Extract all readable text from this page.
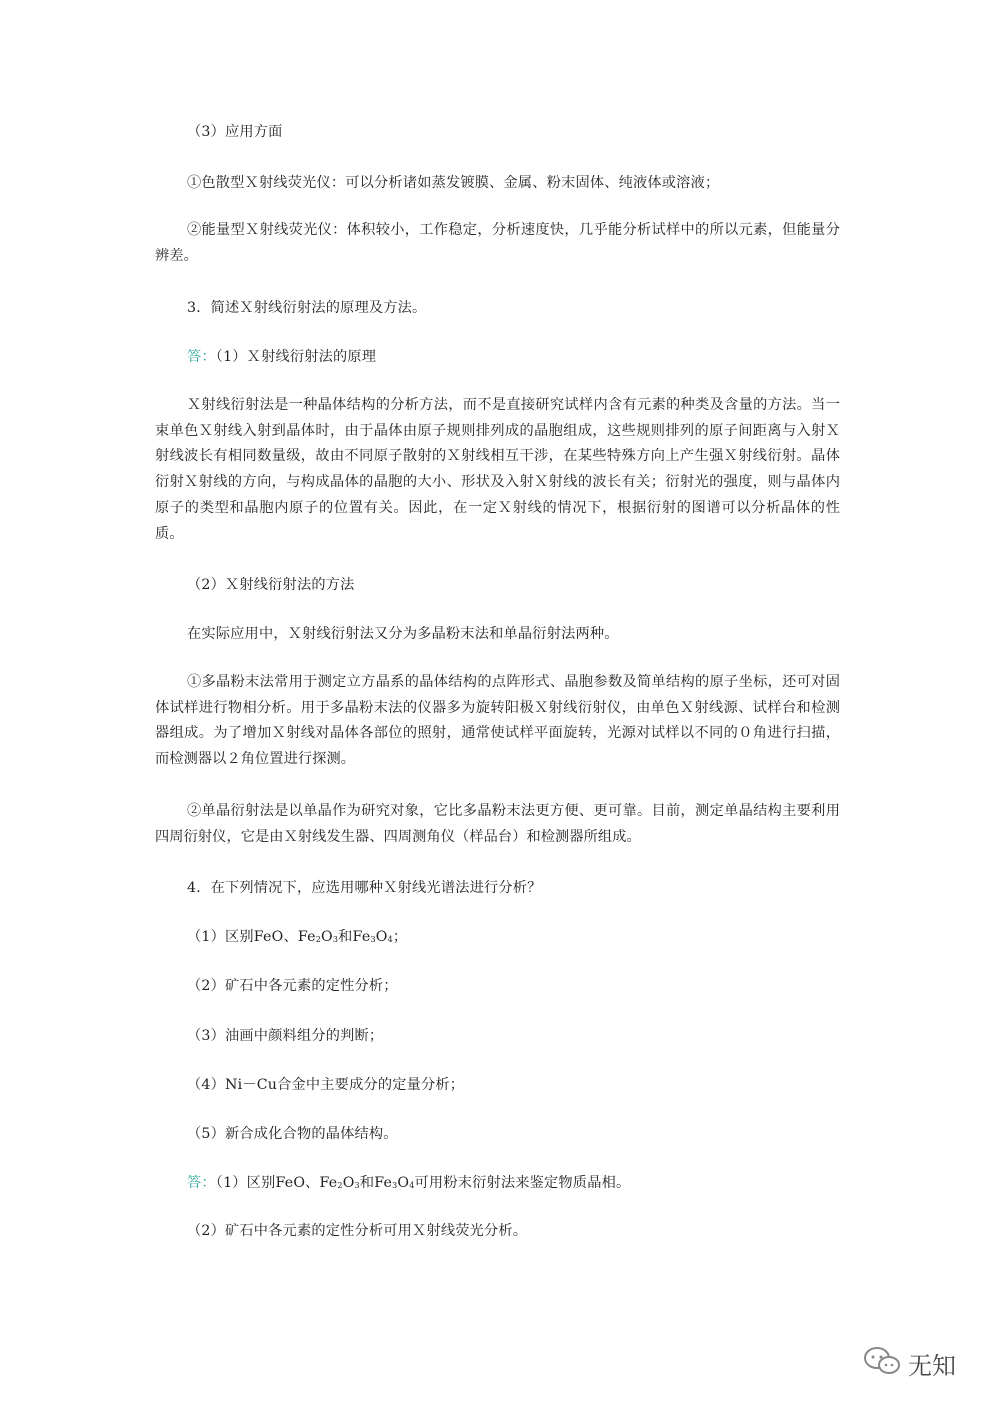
（3）应用方面
①色散型Ｘ射线荧光仪：可以分析诸如蒸发镀膜、金属、粉末固体、纯液体或溶液；
②能量型Ｘ射线荧光仪：体积较小，工作稳定，分析速度快，几乎能分析试样中的所以元素，但能量分辨差。
3．简述Ｘ射线衍射法的原理及方法。
答：（1）Ｘ射线衍射法的原理
Ｘ射线衍射法是一种晶体结构的分析方法，而不是直接研究试样内含有元素的种类及含量的方法。当一束单色Ｘ射线入射到晶体时，由于晶体由原子规则排列成的晶胞组成，这些规则排列的原子间距离与入射Ｘ射线波长有相同数量级，故由不同原子散射的Ｘ射线相互干涉，在某些特殊方向上产生强Ｘ射线衍射。晶体衍射Ｘ射线的方向，与构成晶体的晶胞的大小、形状及入射Ｘ射线的波长有关；衍射光的强度，则与晶体内原子的类型和晶胞内原子的位置有关。因此，在一定Ｘ射线的情况下，根据衍射的图谱可以分析晶体的性质。
（2）Ｘ射线衍射法的方法
在实际应用中，Ｘ射线衍射法又分为多晶粉末法和单晶衍射法两种。
①多晶粉末法常用于测定立方晶系的晶体结构的点阵形式、晶胞参数及简单结构的原子坐标，还可对固体试样进行物相分析。用于多晶粉末法的仪器多为旋转阳极Ｘ射线衍射仪，由单色Ｘ射线源、试样台和检测器组成。为了增加Ｘ射线对晶体各部位的照射，通常使试样平面旋转，光源对试样以不同的０角进行扫描，而检测器以２角位置进行探测。
②单晶衍射法是以单晶作为研究对象，它比多晶粉末法更方便、更可靠。目前，测定单晶结构主要利用四周衍射仪，它是由Ｘ射线发生器、四周测角仪（样品台）和检测器所组成。
4．在下列情况下，应选用哪种Ｘ射线光谱法进行分析？
（1）区别FeO、$Fe_2O_3$和$Fe_3O_4$；
（2）矿石中各元素的定性分析；
（3）油画中颜料组分的判断；
（4）Ni－Cu合金中主要成分的定量分析；
（5）新合成化合物的晶体结构。
答：（1）区别FeO、$Fe_2O_3$和$Fe_3O_4$可用粉末衍射法来鉴定物质晶相。
（2）矿石中各元素的定性分析可用Ｘ射线荧光分析。
无知
